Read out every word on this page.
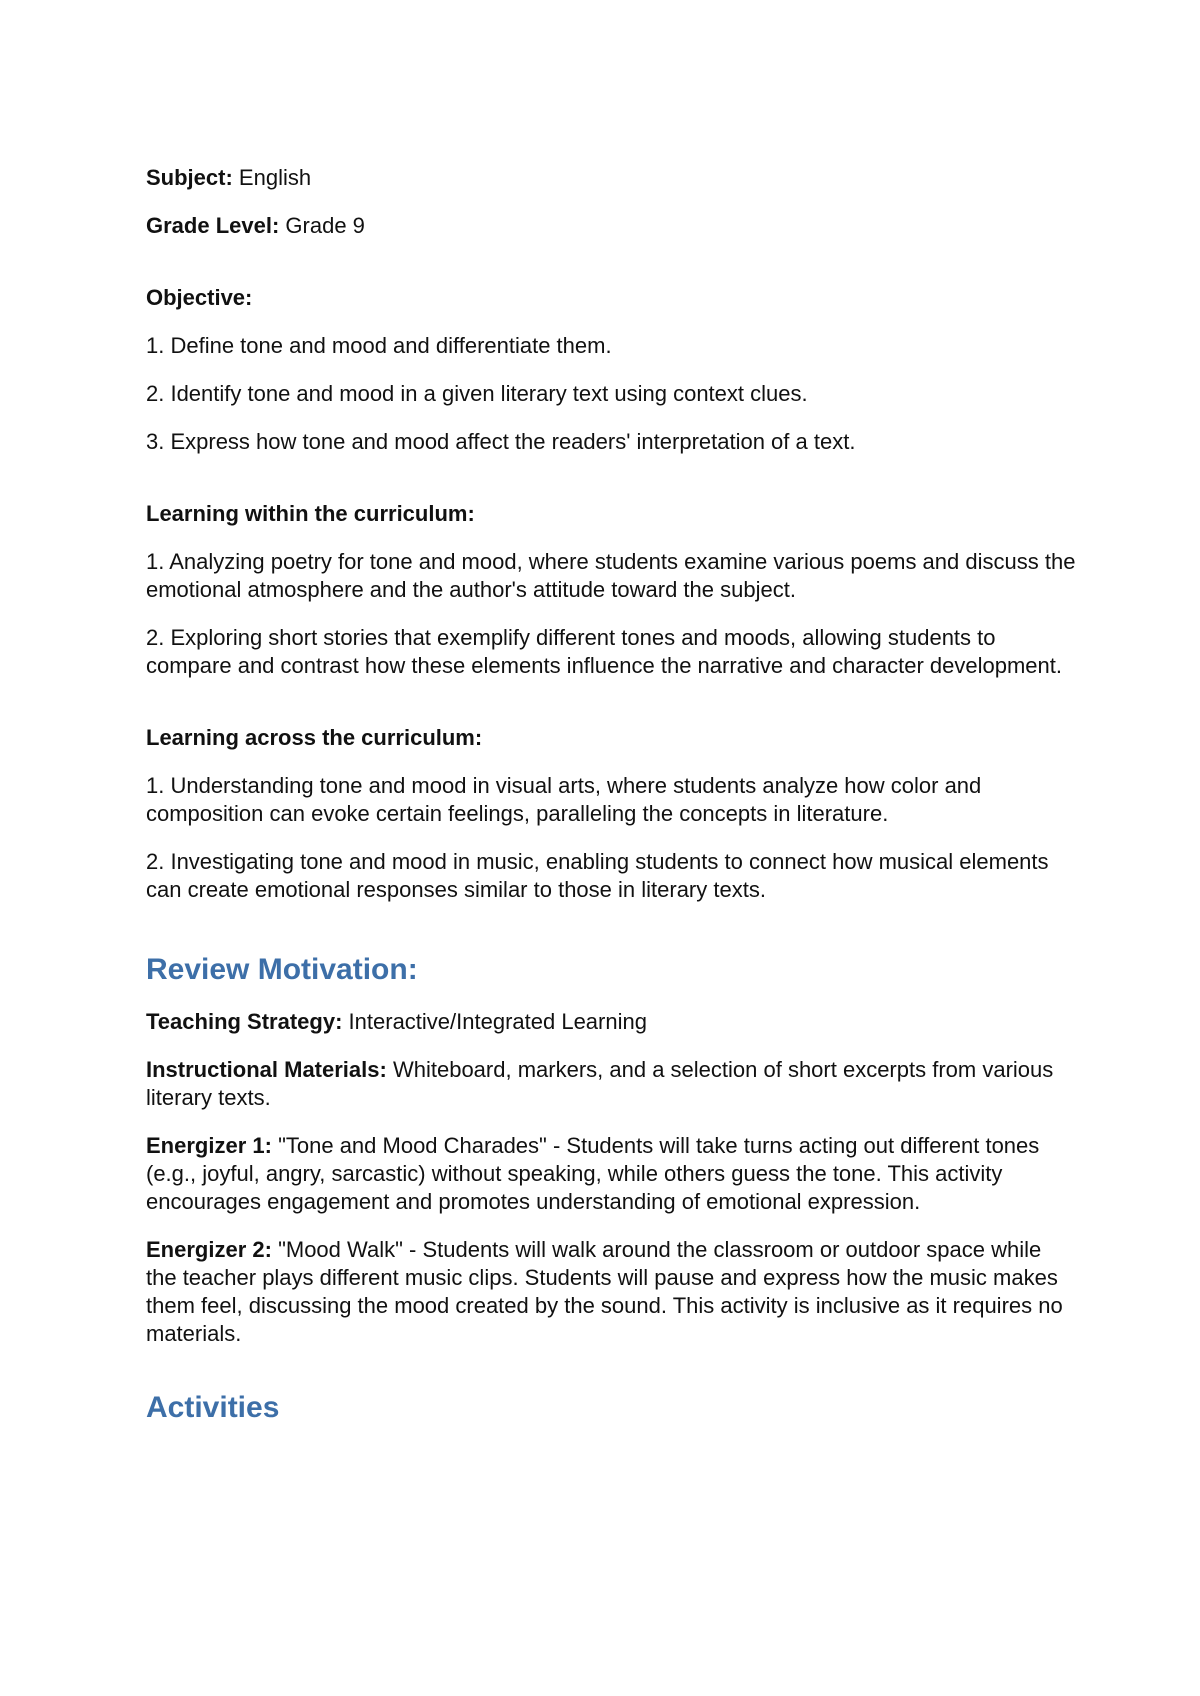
Subject: English

Grade Level: Grade 9

Objective:

1. Define tone and mood and differentiate them.

2. Identify tone and mood in a given literary text using context clues.

3. Express how tone and mood affect the readers' interpretation of a text.

Learning within the curriculum:

1. Analyzing poetry for tone and mood, where students examine various poems and discuss the emotional atmosphere and the author's attitude toward the subject.

2. Exploring short stories that exemplify different tones and moods, allowing students to compare and contrast how these elements influence the narrative and character development.

Learning across the curriculum:

1. Understanding tone and mood in visual arts, where students analyze how color and composition can evoke certain feelings, paralleling the concepts in literature.

2. Investigating tone and mood in music, enabling students to connect how musical elements can create emotional responses similar to those in literary texts.

Review Motivation:

Teaching Strategy: Interactive/Integrated Learning

Instructional Materials: Whiteboard, markers, and a selection of short excerpts from various literary texts.

Energizer 1: "Tone and Mood Charades" - Students will take turns acting out different tones (e.g., joyful, angry, sarcastic) without speaking, while others guess the tone. This activity encourages engagement and promotes understanding of emotional expression.

Energizer 2: "Mood Walk" - Students will walk around the classroom or outdoor space while the teacher plays different music clips. Students will pause and express how the music makes them feel, discussing the mood created by the sound. This activity is inclusive as it requires no materials.

Activities
